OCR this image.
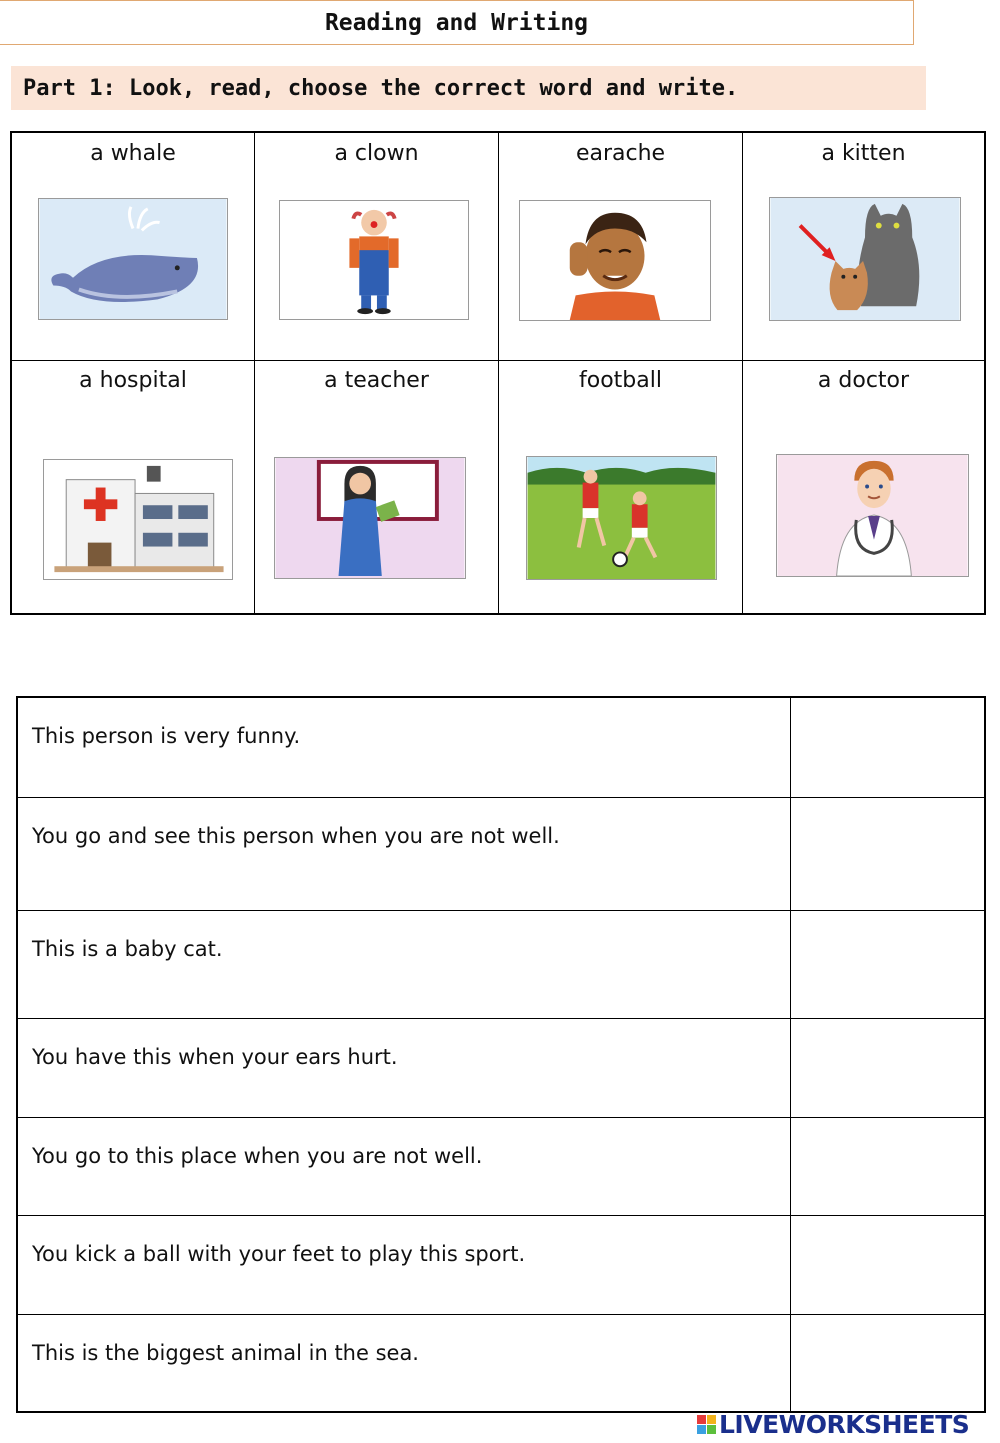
Reading and Writing
Part 1: Look, read, choose the correct word and write.
a whale	a clown	earache	a kitten
a hospital	a teacher	football	a doctor
This person is very funny.
You go and see this person when you are not well.
This is a baby cat.
You have this when your ears hurt.
You go to this place when you are not well.
You kick a ball with your feet to play this sport.
This is the biggest animal in the sea.
LIVEWORKSHEETS
